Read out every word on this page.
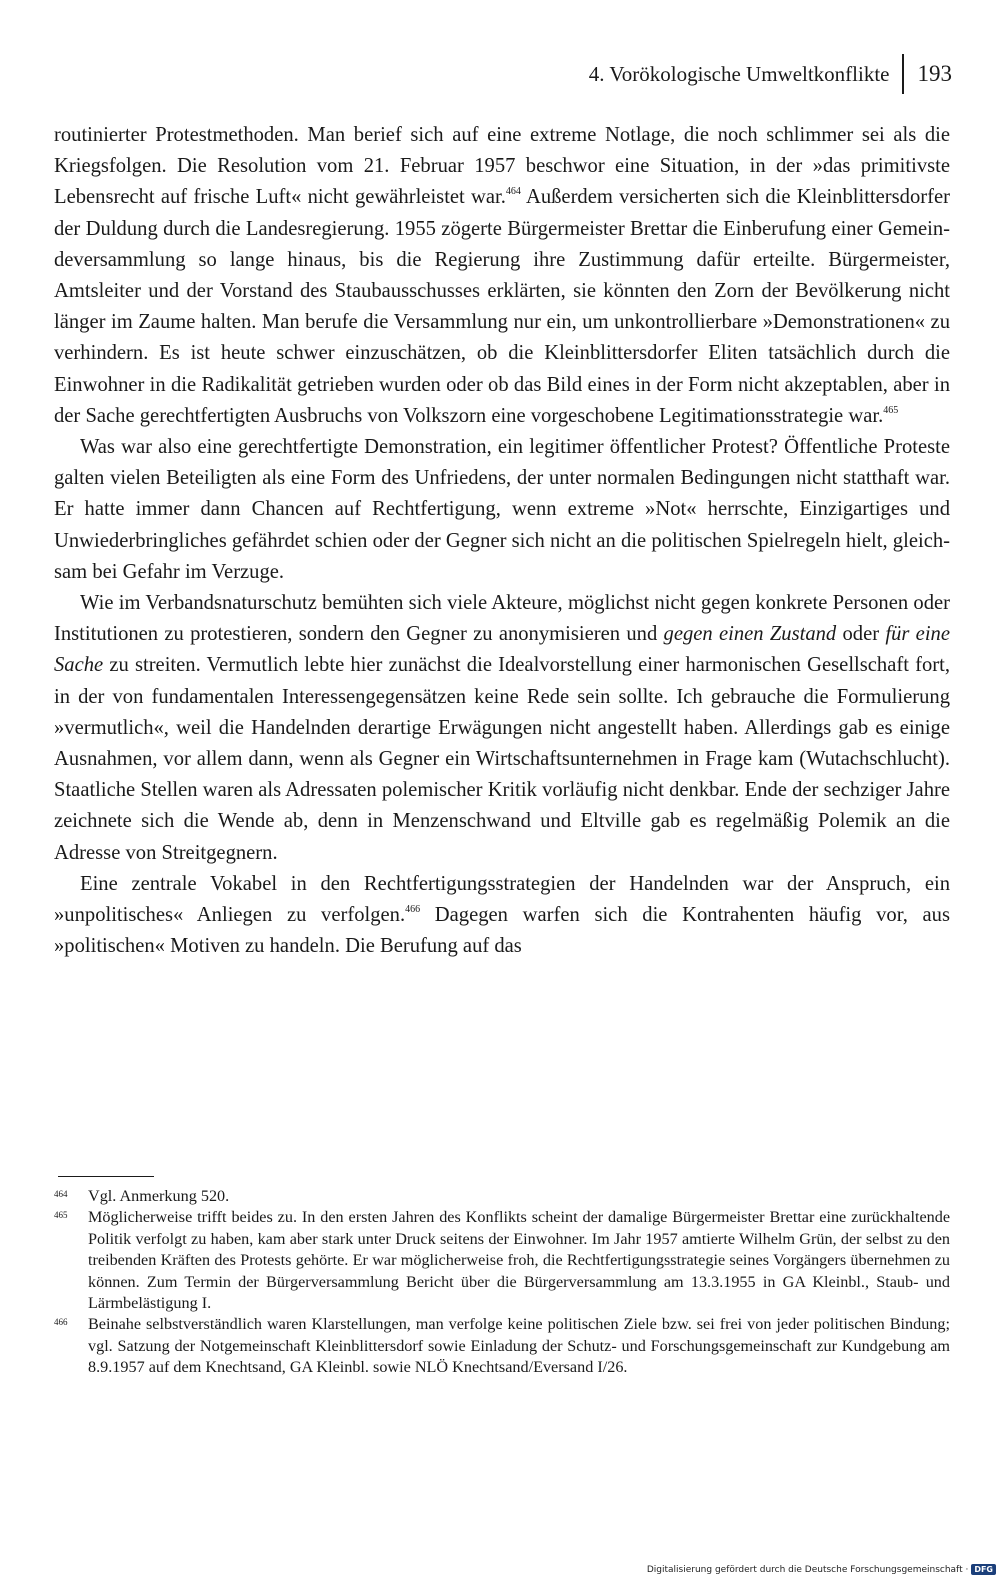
4. Vorökologische Umweltkonflikte 193

routinierter Protestmethoden. Man berief sich auf eine extreme Notlage, die noch schlimmer sei als die Kriegsfolgen. Die Resolution vom 21. Februar 1957 beschwor eine Situation, in der »das primitivste Lebensrecht auf frische Luft« nicht gewährleistet war.$^{464}$ Außerdem versicherten sich die Kleinblittersdorfer der Duldung durch die Landesregierung. 1955 zögerte Bürgermeister Brettar die Einberufung einer Gemeindeversammlung so lange hinaus, bis die Regierung ihre Zustimmung dafür erteilte. Bürgermeister, Amtsleiter und der Vorstand des Staubausschusses erklärten, sie könnten den Zorn der Bevölkerung nicht länger im Zaume halten. Man berufe die Versammlung nur ein, um unkontrollierbare »Demonstrationen« zu verhindern. Es ist heute schwer einzuschätzen, ob die Kleinblittersdorfer Eliten tatsächlich durch die Einwohner in die Radikalität getrieben wurden oder ob das Bild eines in der Form nicht akzeptablen, aber in der Sache gerechtfertigten Ausbruchs von Volkszorn eine vorgeschobene Legitimationsstrategie war.$^{465}$

Was war also eine gerechtfertigte Demonstration, ein legitimer öffentlicher Protest? Öffentliche Proteste galten vielen Beteiligten als eine Form des Unfriedens, der unter normalen Bedingungen nicht statthaft war. Er hatte immer dann Chancen auf Rechtfertigung, wenn extreme »Not« herrschte, Einzigartiges und Unwiederbringliches gefährdet schien oder der Gegner sich nicht an die politischen Spielregeln hielt, gleichsam bei Gefahr im Verzuge.

Wie im Verbandsnaturschutz bemühten sich viele Akteure, möglichst nicht gegen konkrete Personen oder Institutionen zu protestieren, sondern den Gegner zu anonymisieren und gegen einen Zustand oder für eine Sache zu streiten. Vermutlich lebte hier zunächst die Idealvorstellung einer harmonischen Gesellschaft fort, in der von fundamentalen Interessengegensätzen keine Rede sein sollte. Ich gebrauche die Formulierung »vermutlich«, weil die Handelnden derartige Erwägungen nicht angestellt haben. Allerdings gab es einige Ausnahmen, vor allem dann, wenn als Gegner ein Wirtschaftsunternehmen in Frage kam (Wutachschlucht). Staatliche Stellen waren als Adressaten polemischer Kritik vorläufig nicht denkbar. Ende der sechziger Jahre zeichnete sich die Wende ab, denn in Menzenschwand und Eltville gab es regelmäßig Polemik an die Adresse von Streitgegnern.

Eine zentrale Vokabel in den Rechtfertigungsstrategien der Handelnden war der Anspruch, ein »unpolitisches« Anliegen zu verfolgen.$^{466}$ Dagegen warfen sich die Kontrahenten häufig vor, aus »politischen« Motiven zu handeln. Die Berufung auf das

464	Vgl. Anmerkung 520.
465	Möglicherweise trifft beides zu. In den ersten Jahren des Konflikts scheint der damalige Bürgermeister Brettar eine zurückhaltende Politik verfolgt zu haben, kam aber stark unter Druck seitens der Einwohner. Im Jahr 1957 amtierte Wilhelm Grün, der selbst zu den treibenden Kräften des Protests gehörte. Er war möglicherweise froh, die Rechtfertigungsstrategie seines Vorgängers übernehmen zu können. Zum Termin der Bürgerversammlung Bericht über die Bürgerversammlung am 13.3.1955 in GA Kleinbl., Staub- und Lärmbelästigung I.
466	Beinahe selbstverständlich waren Klarstellungen, man verfolge keine politischen Ziele bzw. sei frei von jeder politischen Bindung; vgl. Satzung der Notgemeinschaft Kleinblittersdorf sowie Einladung der Schutz- und Forschungsgemeinschaft zur Kundgebung am 8.9.1957 auf dem Knechtsand, GA Kleinbl. sowie NLÖ Knechtsand/Eversand I/26.
Digitalisierung gefördert durch die Deutsche Forschungsgemeinschaft · DFG
